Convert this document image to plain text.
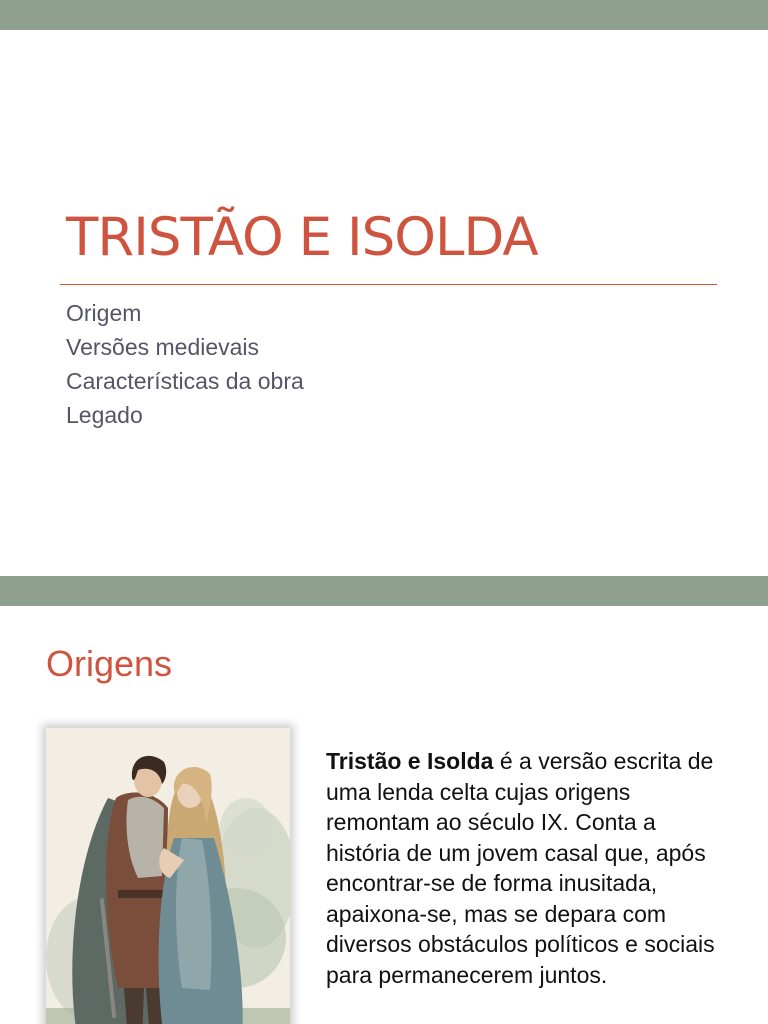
TRISTÃO E ISOLDA
Origem
Versões medievais
Características da obra
Legado
Origens

Tristão e Isolda é a versão escrita de uma lenda celta cujas origens remontam ao século IX. Conta a história de um jovem casal que, após encontrar-se de forma inusitada, apaixona-se, mas se depara com diversos obstáculos políticos e sociais para permanecerem juntos.
